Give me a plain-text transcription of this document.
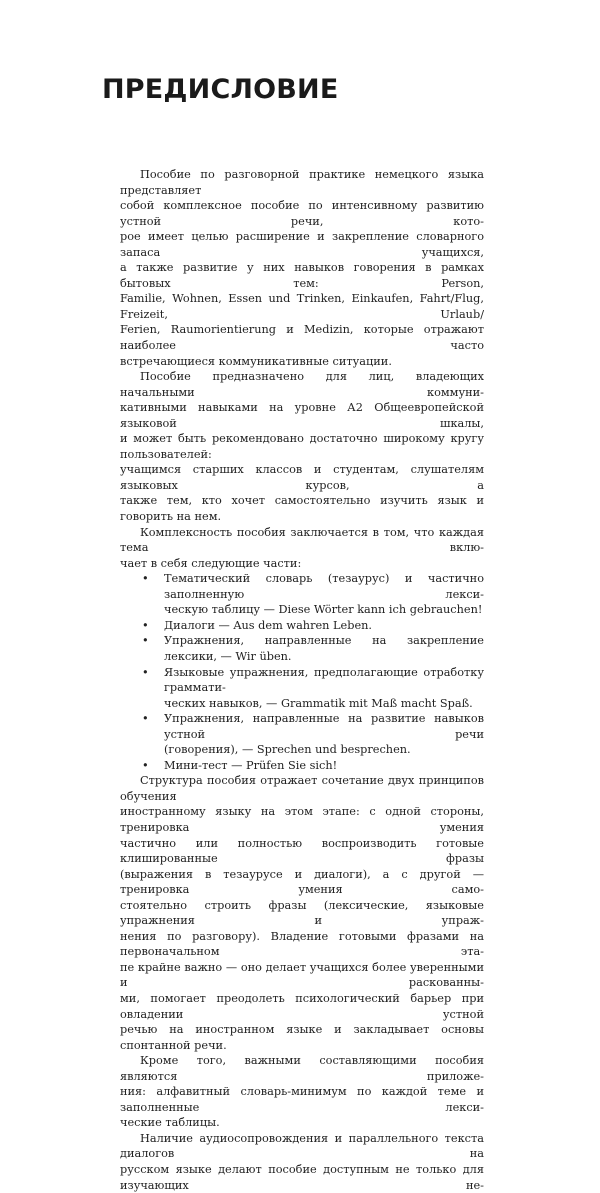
ПРЕДИСЛОВИЕ

Пособие по разговорной практике немецкого языка представляет
собой комплексное пособие по интенсивному развитию устной речи, кото-
рое имеет целью расширение и закрепление словарного запаса учащихся,
а также развитие у них навыков говорения в рамках бытовых тем: Person,
Familie, Wohnen, Essen und Trinken, Einkaufen, Fahrt/Flug, Freizeit, Urlaub/
Ferien, Raumorientierung и Medizin, которые отражают наиболее часто
встречающиеся коммуникативные ситуации.

Пособие предназначено для лиц, владеющих начальными коммуни-
кативными навыками на уровне А2 Общеевропейской языковой шкалы,
и может быть рекомендовано достаточно широкому кругу пользователей:
учащимся старших классов и студентам, слушателям языковых курсов, а
также тем, кто хочет самостоятельно изучить язык и говорить на нем.

Комплексность пособия заключается в том, что каждая тема вклю-
чает в себя следующие части:

• Тематический словарь (тезаурус) и частично заполненную лекси-
ческую таблицу — Diese Wörter kann ich gebrauchen!
• Диалоги — Aus dem wahren Leben.
• Упражнения, направленные на закрепление лексики, — Wir üben.
• Языковые упражнения, предполагающие отработку граммати-
ческих навыков, — Grammatik mit Maß macht Spaß.
• Упражнения, направленные на развитие навыков устной речи
(говорения), — Sprechen und besprechen.
• Мини-тест — Prüfen Sie sich!

Структура пособия отражает сочетание двух принципов обучения
иностранному языку на этом этапе: с одной стороны, тренировка умения
частично или полностью воспроизводить готовые клишированные фразы
(выражения в тезаурусе и диалоги), а с другой — тренировка умения само-
стоятельно строить фразы (лексические, языковые упражнения и упраж-
нения по разговору). Владение готовыми фразами на первоначальном эта-
пе крайне важно — оно делает учащихся более уверенными и раскованны-
ми, помогает преодолеть психологический барьер при овладении устной
речью на иностранном языке и закладывает основы спонтанной речи.

Кроме того, важными составляющими пособия являются приложе-
ния: алфавитный словарь-минимум по каждой теме и заполненные лекси-
ческие таблицы.

Наличие аудиосопровождения и параллельного текста диалогов на
русском языке делают пособие доступным не только для изучающих не-
